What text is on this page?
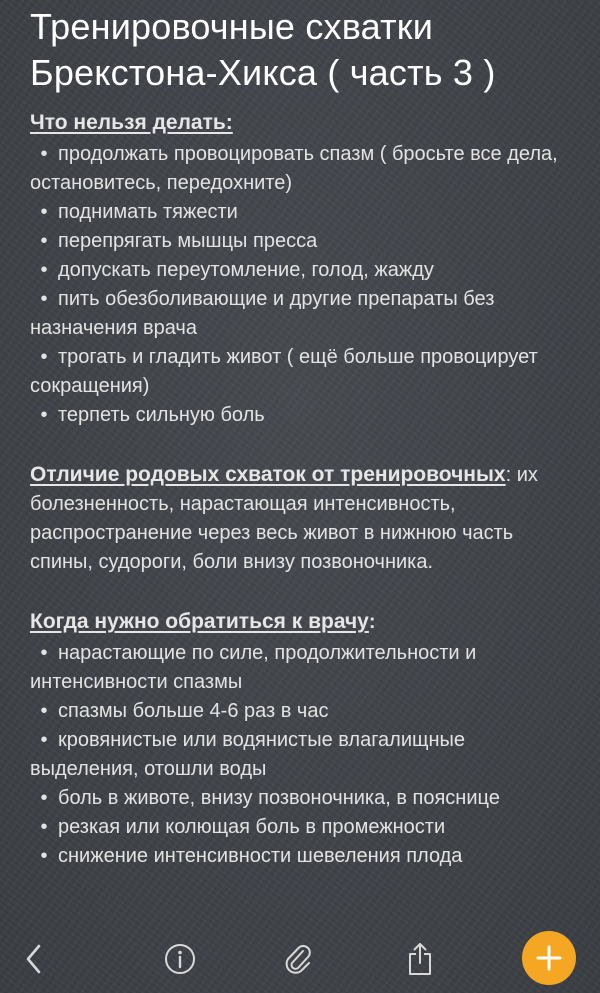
Тренировочные схватки Брекстона-Хикса ( часть 3 )

Что нельзя делать:

• продолжать провоцировать спазм ( бросьте все дела, остановитесь, передохните)
• поднимать тяжести
• перепрягать мышцы пресса
• допускать переутомление, голод, жажду
• пить обезболивающие и другие препараты без назначения врача
• трогать и гладить живот ( ещё больше провоцирует сокращения)
• терпеть сильную боль

Отличие родовых схваток от тренировочных: их болезненность, нарастающая интенсивность, распространение через весь живот в нижнюю часть спины, судороги, боли внизу позвоночника.

Когда нужно обратиться к врачу:

• нарастающие по силе, продолжительности и интенсивности спазмы
• спазмы больше 4-6 раз в час
• кровянистые или водянистые влагалищные выделения, отошли воды
• боль в животе, внизу позвоночника, в пояснице
• резкая или колющая боль в промежности
• снижение интенсивности шевеления плода
